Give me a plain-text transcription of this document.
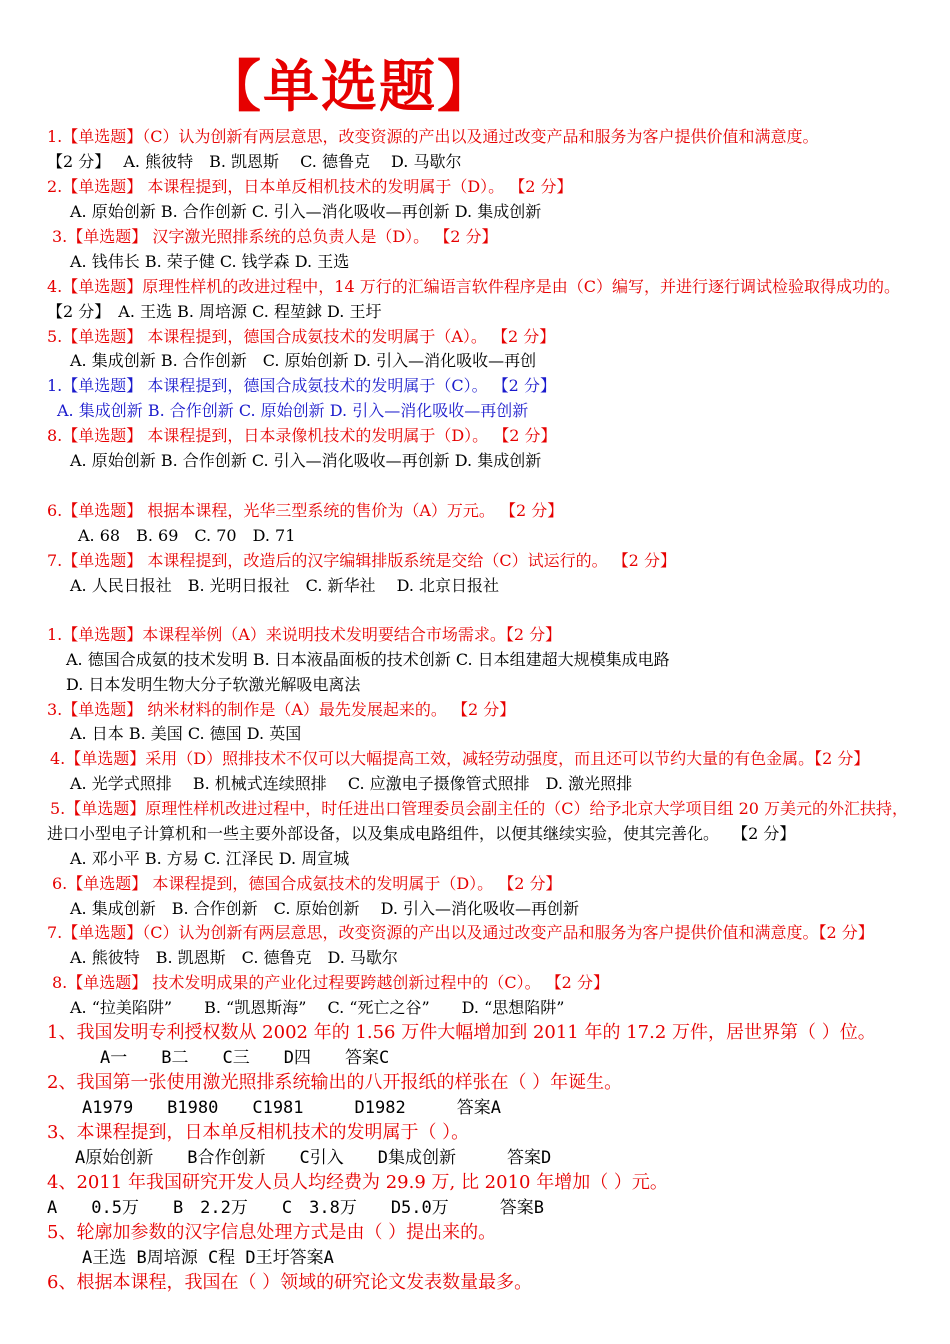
【单选题】
1.【单选题】（C）认为创新有两层意思，改变资源的产出以及通过改变产品和服务为客户提供价值和满意度。
【2 分】　 A. 熊彼特　B. 凯恩斯　 C. 德鲁克　 D. 马歇尔
2.【单选题】 本课程提到，日本单反相机技术的发明属于（D）。 【2 分】
A. 原始创新 B. 合作创新 C. 引入—消化吸收—再创新 D. 集成创新
3.【单选题】 汉字激光照排系统的总负责人是（D）。 【2 分】
A. 钱伟长 B. 荣子健 C. 钱学森 D. 王选
4.【单选题】原理性样机的改进过程中，14 万行的汇编语言软件程序是由（C）编写，并进行逐行调试检验取得成功的。
【2 分】　A. 王选 B. 周培源 C. 程堃銶 D. 王圩
5.【单选题】 本课程提到，德国合成氨技术的发明属于（A）。 【2 分】
A. 集成创新 B. 合作创新　C. 原始创新 D. 引入—消化吸收—再创
1.【单选题】 本课程提到，德国合成氨技术的发明属于（C）。 【2 分】
A. 集成创新 B. 合作创新 C. 原始创新 D. 引入—消化吸收—再创新
8.【单选题】 本课程提到，日本录像机技术的发明属于（D）。 【2 分】
A. 原始创新 B. 合作创新 C. 引入—消化吸收—再创新 D. 集成创新
6.【单选题】 根据本课程，光华三型系统的售价为（A）万元。 【2 分】
A. 68　B. 69　C. 70　D. 71
7.【单选题】 本课程提到，改造后的汉字编辑排版系统是交给（C）试运行的。 【2 分】
A. 人民日报社　B. 光明日报社　C. 新华社　 D. 北京日报社
1.【单选题】本课程举例（A）来说明技术发明要结合市场需求。【2 分】
A. 德国合成氨的技术发明 B. 日本液晶面板的技术创新 C. 日本组建超大规模集成电路
D. 日本发明生物大分子软激光解吸电离法
3.【单选题】 纳米材料的制作是（A）最先发展起来的。 【2 分】
A. 日本 B. 美国 C. 德国 D. 英国
4.【单选题】采用（D）照排技术不仅可以大幅提高工效，减轻劳动强度，而且还可以节约大量的有色金属。【2 分】
A. 光学式照排　 B. 机械式连续照排　 C. 应激电子摄像管式照排　D. 激光照排
5.【单选题】原理性样机改进过程中，时任进出口管理委员会副主任的（C）给予北京大学项目组 20 万美元的外汇扶持，
进口小型电子计算机和一些主要外部设备，以及集成电路组件，以便其继续实验，使其完善化。　 【2 分】
A. 邓小平 B. 方易 C. 江泽民 D. 周宣城
6.【单选题】 本课程提到，德国合成氨技术的发明属于（D）。 【2 分】
A. 集成创新　B. 合作创新　C. 原始创新　 D. 引入—消化吸收—再创新
7.【单选题】（C）认为创新有两层意思，改变资源的产出以及通过改变产品和服务为客户提供价值和满意度。【2 分】
A. 熊彼特　B. 凯恩斯　C. 德鲁克　D. 马歇尔
8.【单选题】 技术发明成果的产业化过程要跨越创新过程中的（C）。 【2 分】
A. “拉美陷阱”　　B. “凯恩斯海”　 C. “死亡之谷”　　D. “思想陷阱”
1、我国发明专利授权数从 2002 年的 1.56 万件大幅增加到 2011 年的 17.2 万件，居世界第（ ）位。
A一　　B二　　C三　　D四　　答案C
2、我国第一张使用激光照排系统输出的八开报纸的样张在（ ）年诞生。
A1979　　B1980　　C1981　　　D1982　　　答案A
3、本课程提到，日本单反相机技术的发明属于（ ）。
A原始创新　　B合作创新　　C引入　　D集成创新　　　答案D
4、2011 年我国研究开发人员人均经费为 29.9 万, 比 2010 年增加（ ）元。
A　　0.5万　　B　2.2万　　C　3.8万　　D5.0万　　　答案B
5、轮廓加参数的汉字信息处理方式是由（ ）提出来的。
A王选 B周培源 C程 D王圩答案A
6、根据本课程，我国在（ ）领域的研究论文发表数量最多。
